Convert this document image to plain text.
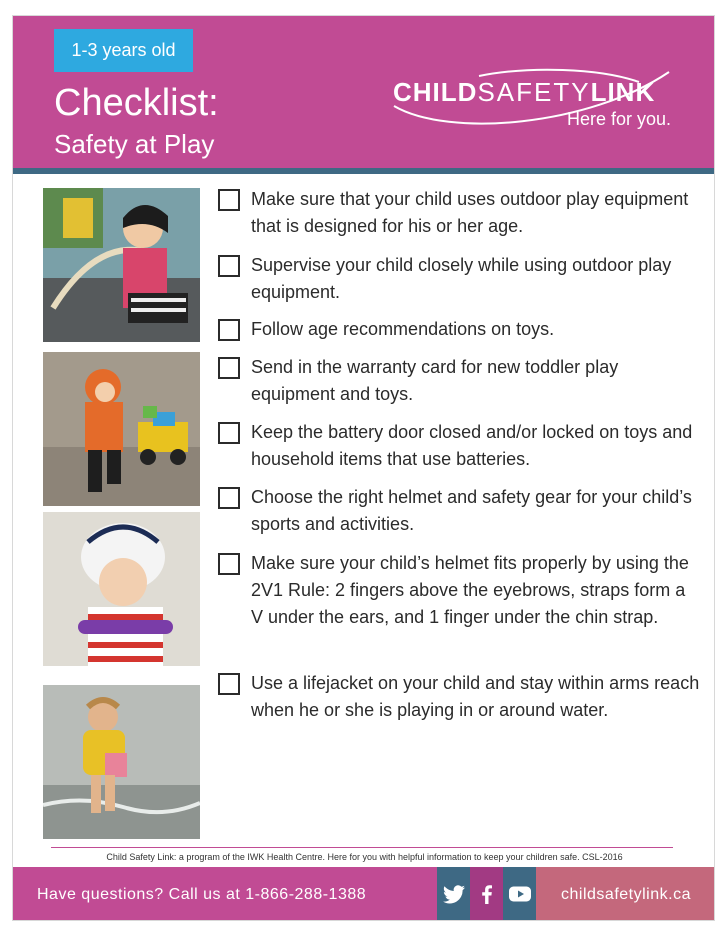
1-3 years old
Checklist:
Safety at Play
CHILDSAFETYLINK
Here for you.
Make sure that your child uses outdoor play equipment that is designed for his or her age.
Supervise your child closely while using outdoor play equipment.
Follow age recommendations on toys.
Send in the warranty card for new toddler play equipment and toys.
Keep the battery door closed and/or locked on toys and household items that use batteries.
Choose the right helmet and safety gear for your child’s sports and activities.
Make sure your child’s helmet fits properly by using the 2V1 Rule: 2 fingers above the eyebrows, straps form a V under the ears, and 1 finger under the chin strap.
Use a lifejacket on your child and stay within arms reach when he or she is playing in or around water.
Child Safety Link: a program of the IWK Health Centre. Here for you with helpful information to keep your children safe. CSL-2016
Have questions? Call us at 1-866-288-1388	childsafetylink.ca
